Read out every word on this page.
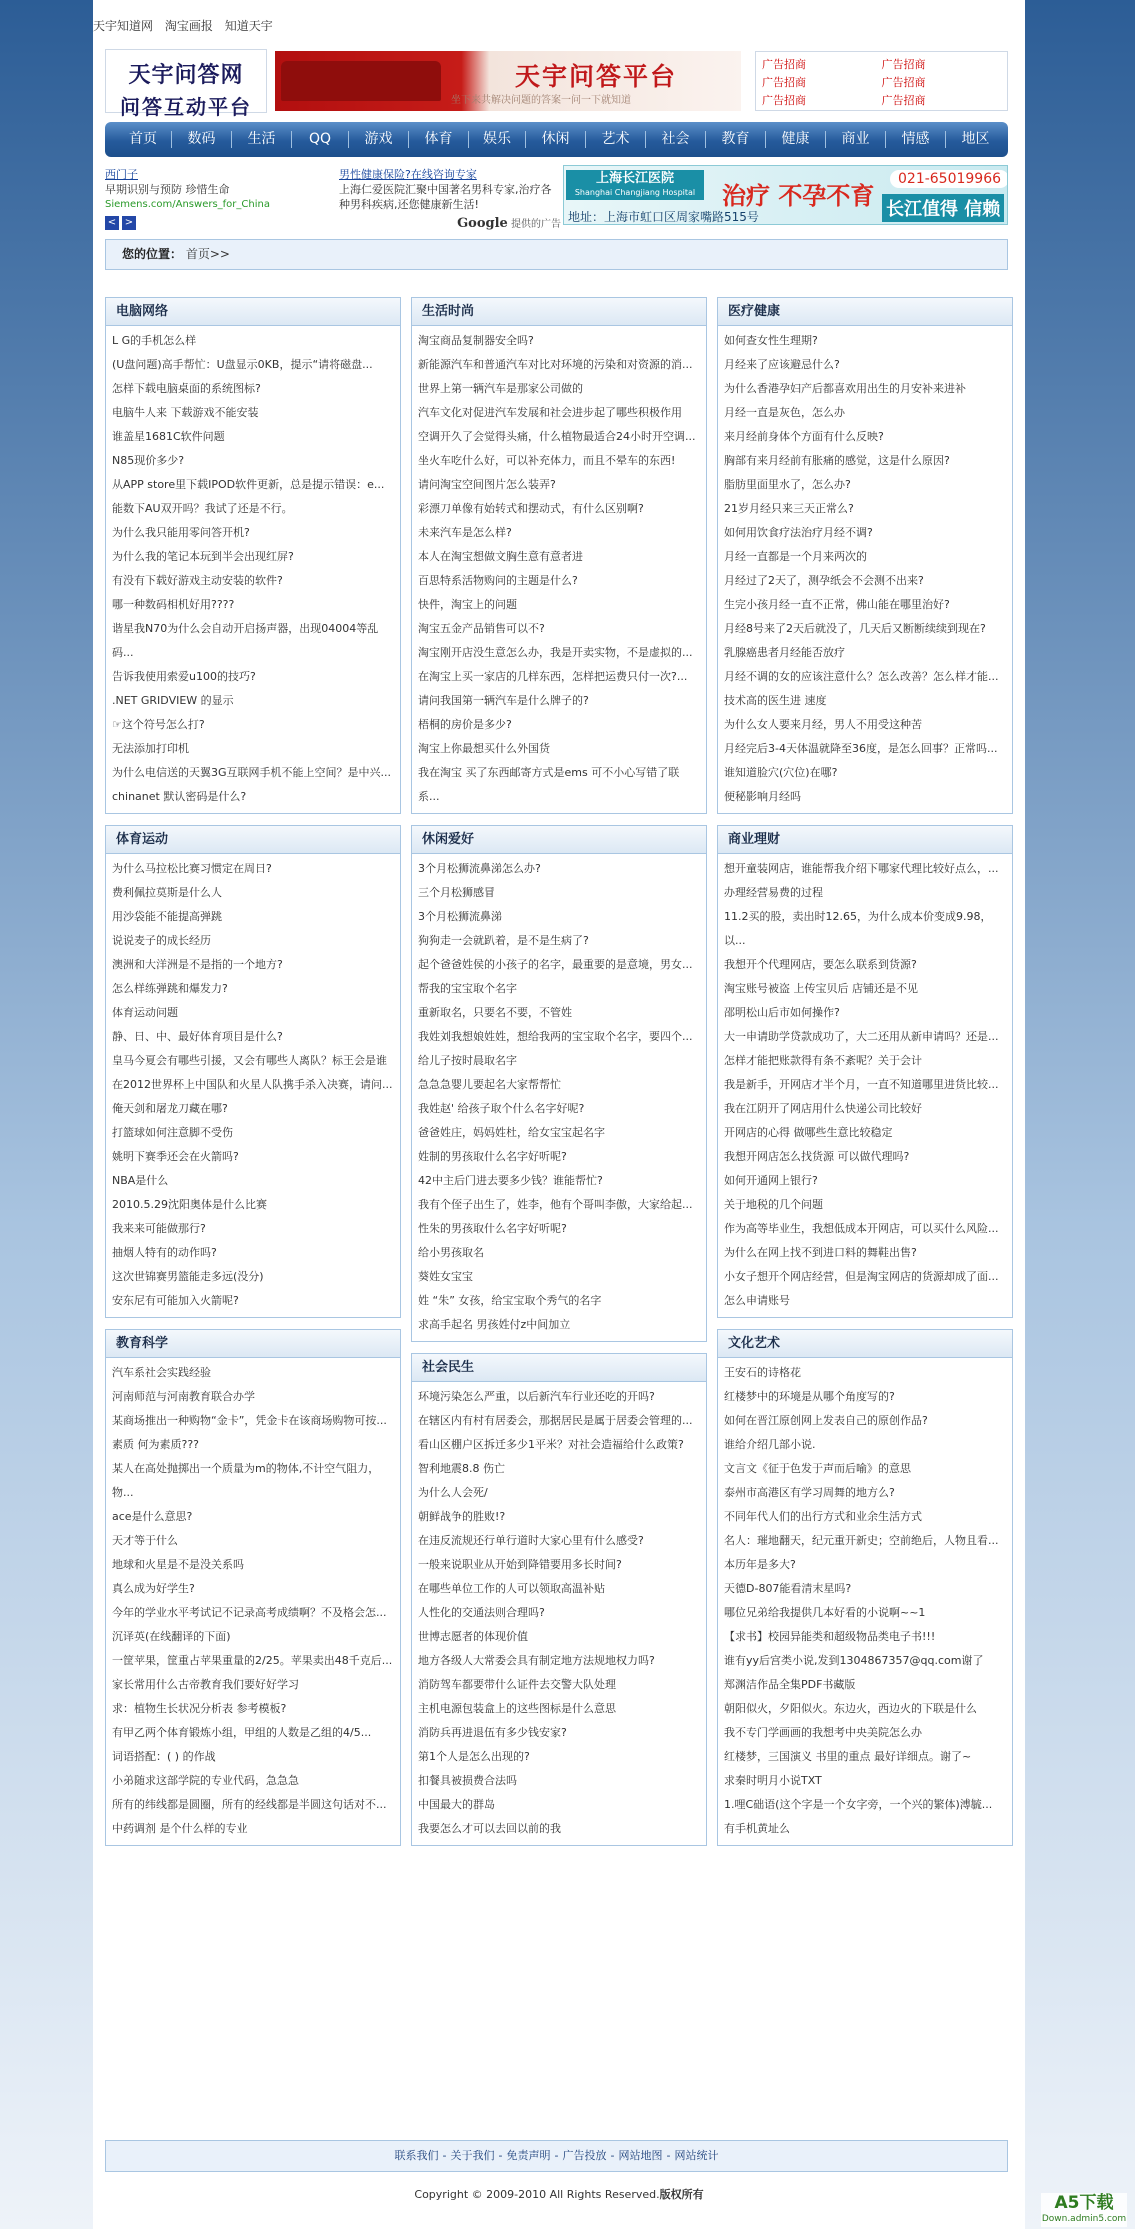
天宇知道网 淘宝画报 知道天宇
天宇问答网
问答互动平台
天宇问答平台
坐下来共解决问题的答案一问一下就知道
广告招商	广告招商
广告招商	广告招商
广告招商	广告招商
首页	数码	生活	QQ	游戏	体育	娱乐	休闲	艺术	社会	教育	健康	商业	情感	地区
西门子
早期识别与预防 珍惜生命
Siemens.com/Answers_for_China
< >
男性健康保险?在线咨询专家
上海仁爱医院汇聚中国著名男科专家,治疗各种男科疾病,还您健康新生活!
Google 提供的广告
上海长江医院
Shanghai Changjiang Hospital	治疗 不孕不育
021-65019966
长江值得 信赖
地址：上海市虹口区周家嘴路515号
您的位置： 首页>>
电脑网络
L G的手机怎么样
(U盘问题)高手帮忙：U盘显示0KB，提示“请将磁盘...
怎样下载电脑桌面的系统图标?
电脑牛人来 下载游戏不能安装
谁盖星1681C软件问题
N85现价多少?
从APP store里下载IPOD软件更新，总是提示错误：e...
能数下AU双开吗？我试了还是不行。
为什么我只能用零问答开机?
为什么我的笔记本玩到半会出现红屏?
有没有下载好游戏主动安装的软件?
哪一种数码相机好用????
谐星我N70为什么会自动开启扬声器，出现04004等乱码...
告诉我使用索爱u100的技巧?
.NET GRIDVIEW 的显示
☞这个符号怎么打?
无法添加打印机
为什么电信送的天翼3G互联网手机不能上空间？是中兴...
chinanet 默认密码是什么?
体育运动
为什么马拉松比赛习惯定在周日?
费利佩拉莫斯是什么人
用沙袋能不能提高弹跳
说说麦子的成长经历
澳洲和大洋洲是不是指的一个地方?
怎么样练弹跳和爆发力?
体育运动问题
静、日、中、最好体育项目是什么?
皇马今夏会有哪些引援，又会有哪些人离队？标王会是谁
在2012世界杯上中国队和火星人队携手杀入决赛，请问...
俺天剑和屠龙刀藏在哪?
打篮球如何注意脚不受伤
姚明下赛季还会在火箭吗?
NBA是什么
2010.5.29沈阳奥体是什么比赛
我来来可能做那行?
抽烟人特有的动作吗?
这次世锦赛男篮能走多远(没分)
安东尼有可能加入火箭呢?
教育科学
汽车系社会实践经验
河南师范与河南教育联合办学
某商场推出一种购物“金卡”，凭金卡在该商场购物可按...
素质 何为素质???
某人在高处抛掷出一个质量为m的物体,不计空气阻力，物...
ace是什么意思?
天才等于什么
地球和火星是不是没关系吗
真么成为好学生?
今年的学业水平考试记不记录高考成绩啊？不及格会怎...
沉译英(在线翻译的下面)
一筐苹果，筐重占苹果重量的2/25。苹果卖出48千克后...
家长常用什么古帝教育我们要好好学习
求：植物生长状况分析表 参考模板?
有甲乙两个体育锻炼小组，甲组的人数是乙组的4/5...
词语搭配：( ) 的作战
小弟随求这部学院的专业代码，急急急
所有的纬线都是圆圈，所有的经线都是半圆这句话对不...
中药调剂 是个什么样的专业
生活时尚
淘宝商品复制器安全吗?
新能源汽车和普通汽车对比对环境的污染和对资源的消...
世界上第一辆汽车是那家公司做的
汽车文化对促进汽车发展和社会进步起了哪些积极作用
空调开久了会觉得头痛，什么植物最适合24小时开空调...
坐火车吃什么好，可以补充体力，而且不晕车的东西!
请问淘宝空间图片怎么装弄?
彩漂刀单像有始转式和摆动式，有什么区别啊?
未来汽车是怎么样?
本人在淘宝想做文胸生意有意者进
百思特系活物购问的主题是什么?
快件，淘宝上的问题
淘宝五金产品销售可以不?
淘宝刚开店没生意怎么办，我是开卖实物，不是虚拟的...
在淘宝上买一家店的几样东西，怎样把运费只付一次?...
请问我国第一辆汽车是什么牌子的?
梧桐的房价是多少?
淘宝上你最想买什么外国货
我在淘宝 买了东西邮寄方式是ems 可不小心写错了联系...
休闲爱好
3个月松狮流鼻涕怎么办?
三个月松狮感冒
3个月松狮流鼻涕
狗狗走一会就趴着，是不是生病了?
起个爸爸姓侯的小孩子的名字，最重要的是意境，男女...
帮我的宝宝取个名字
重新取名，只要名不要，不管姓
我姓刘我想娘姓姓，想给我两的宝宝取个名字，要四个...
给儿子按时晨取名字
急急急婴儿要起名大家帮帮忙
我姓赵' 给孩子取个什么名字好呢?
爸爸姓庄，妈妈姓杜，给女宝宝起名字
姓制的男孩取什么名字好听呢?
42中主后门进去要多少钱？谁能帮忙?
我有个侄子出生了，姓李，他有个哥叫李傲，大家给起...
性朱的男孩取什么名字好听呢?
给小男孩取名
葵姓女宝宝
姓 “朱” 女孩，给宝宝取个秀气的名字
求高手起名 男孩姓付z中间加立
社会民生
环境污染怎么严重，以后新汽车行业还吃的开吗?
在辖区内有村有居委会，那据居民是属于居委会管理的...
看山区棚户区拆迁多少1平米？对社会造福给什么政策?
智利地震8.8 伤亡
为什么人会死/
朝鲜战争的胜败!?
在违反流规还行单行道时大家心里有什么感受?
一般来说职业从开始到降错要用多长时间?
在哪些单位工作的人可以领取高温补贴
人性化的交通法则合理吗?
世博志愿者的体现价值
地方各级人大常委会具有制定地方法规地权力吗?
消防驾车都要带什么证件去交警大队处理
主机电源包装盒上的这些图标是什么意思
消防兵再进退伍有多少钱安家?
第1个人是怎么出现的?
扣餐具被损费合法吗
中国最大的群岛
我要怎么才可以去回以前的我
医疗健康
如何查女性生理期?
月经来了应该避忌什么?
为什么香港孕妇产后都喜欢用出生的月安补来进补
月经一直是灰色，怎么办
来月经前身体个方面有什么反映?
胸部有来月经前有胀痛的感觉，这是什么原因?
脂肪里面里水了，怎么办?
21岁月经只来三天正常么?
如何用饮食疗法治疗月经不调?
月经一直都是一个月来两次的
月经过了2天了，测孕纸会不会测不出来?
生完小孩月经一直不正常，佛山能在哪里治好?
月经8号来了2天后就没了，几天后又断断续续到现在?
乳腺癌患者月经能否放疗
月经不调的女的应该注意什么？怎么改善？怎么样才能...
技术高的医生进 速度
为什么女人要来月经，男人不用受这种苦
月经完后3-4天体温就降至36度，是怎么回事？正常吗...
谁知道脸穴(穴位)在哪?
便秘影响月经吗
商业理财
想开童装网店，谁能帮我介绍下哪家代理比较好点么，...
办理经营易费的过程
11.2买的股，卖出时12.65，为什么成本价变成9.98，以...
我想开个代理网店，要怎么联系到货源?
淘宝账号被盗 上传宝贝后 店铺还是不见
邵明松山后市如何操作?
大一申请助学贷款成功了，大二还用从新申请吗？还是...
怎样才能把账款得有条不紊呢？关于会计
我是新手，开网店才半个月，一直不知道哪里进货比较...
我在江阴开了网店用什么快递公司比较好
开网店的心得 做哪些生意比较稳定
我想开网店怎么找货源 可以做代理吗?
如何开通网上银行?
关于地税的几个问题
作为高等毕业生，我想低成本开网店，可以买什么风险...
为什么在网上找不到进口料的舞鞋出售?
小女子想开个网店经营，但是淘宝网店的货源却成了面...
怎么申请账号
文化艺术
王安石的诗格花
红楼梦中的环境是从哪个角度写的?
如何在晋江原创网上发表自己的原创作品?
谁给介绍几部小说.
文言文《征于色发于声而后喻》的意思
泰州市高港区有学习周舞的地方么?
不同年代人们的出行方式和业余生活方式
名人：璀地翻天，纪元重开新史；空前绝后，人物且看...
本历年是多大?
天德D-807能看清末星吗?
哪位兄弟给我提供几本好看的小说啊~~1
【求书】校园异能类和超级物品类电子书!!!
谁有yy后宫类小说,发到1304867357@qq.com谢了
郑渊洁作品全集PDF书藏版
朝阳似火，夕阳似火。东边火，西边火的下联是什么
我不专门学画画的我想考中央美院怎么办
红楼梦，三国演义 书里的重点 最好详细点。谢了~
求秦时明月小说TXT
1.哩C础语(这个字是一个女字旁，一个兴的繁体)溥毓...
有手机黄址么
联系我们 - 关于我们 - 免责声明 - 广告投放 - 网站地图 - 网站统计
Copyright © 2009-2010 All Rights Reserved.版权所有	A5下载
Down.admin5.com
